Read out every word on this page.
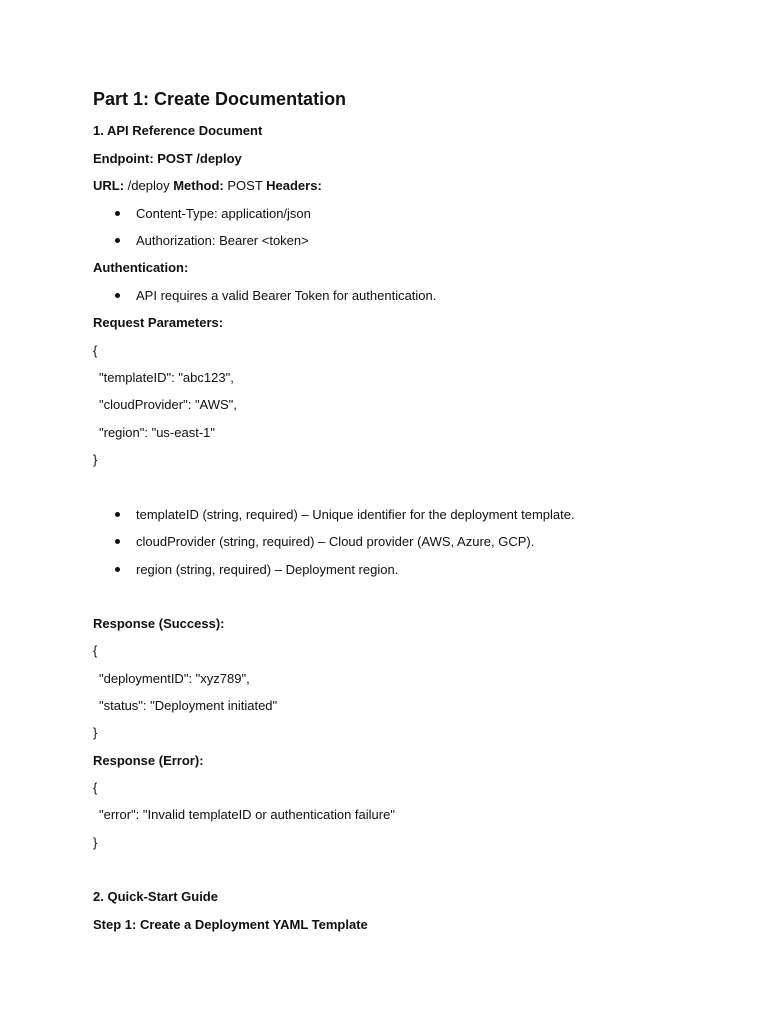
Part 1: Create Documentation
1. API Reference Document
Endpoint: POST /deploy
URL: /deploy Method: POST Headers:
Content-Type: application/json
Authorization: Bearer <token>
Authentication:
API requires a valid Bearer Token for authentication.
Request Parameters:
{
"templateID": "abc123",
"cloudProvider": "AWS",
"region": "us-east-1"
}
templateID (string, required) – Unique identifier for the deployment template.
cloudProvider (string, required) – Cloud provider (AWS, Azure, GCP).
region (string, required) – Deployment region.
Response (Success):
{
"deploymentID": "xyz789",
"status": "Deployment initiated"
}
Response (Error):
{
"error": "Invalid templateID or authentication failure"
}
2. Quick-Start Guide
Step 1: Create a Deployment YAML Template
